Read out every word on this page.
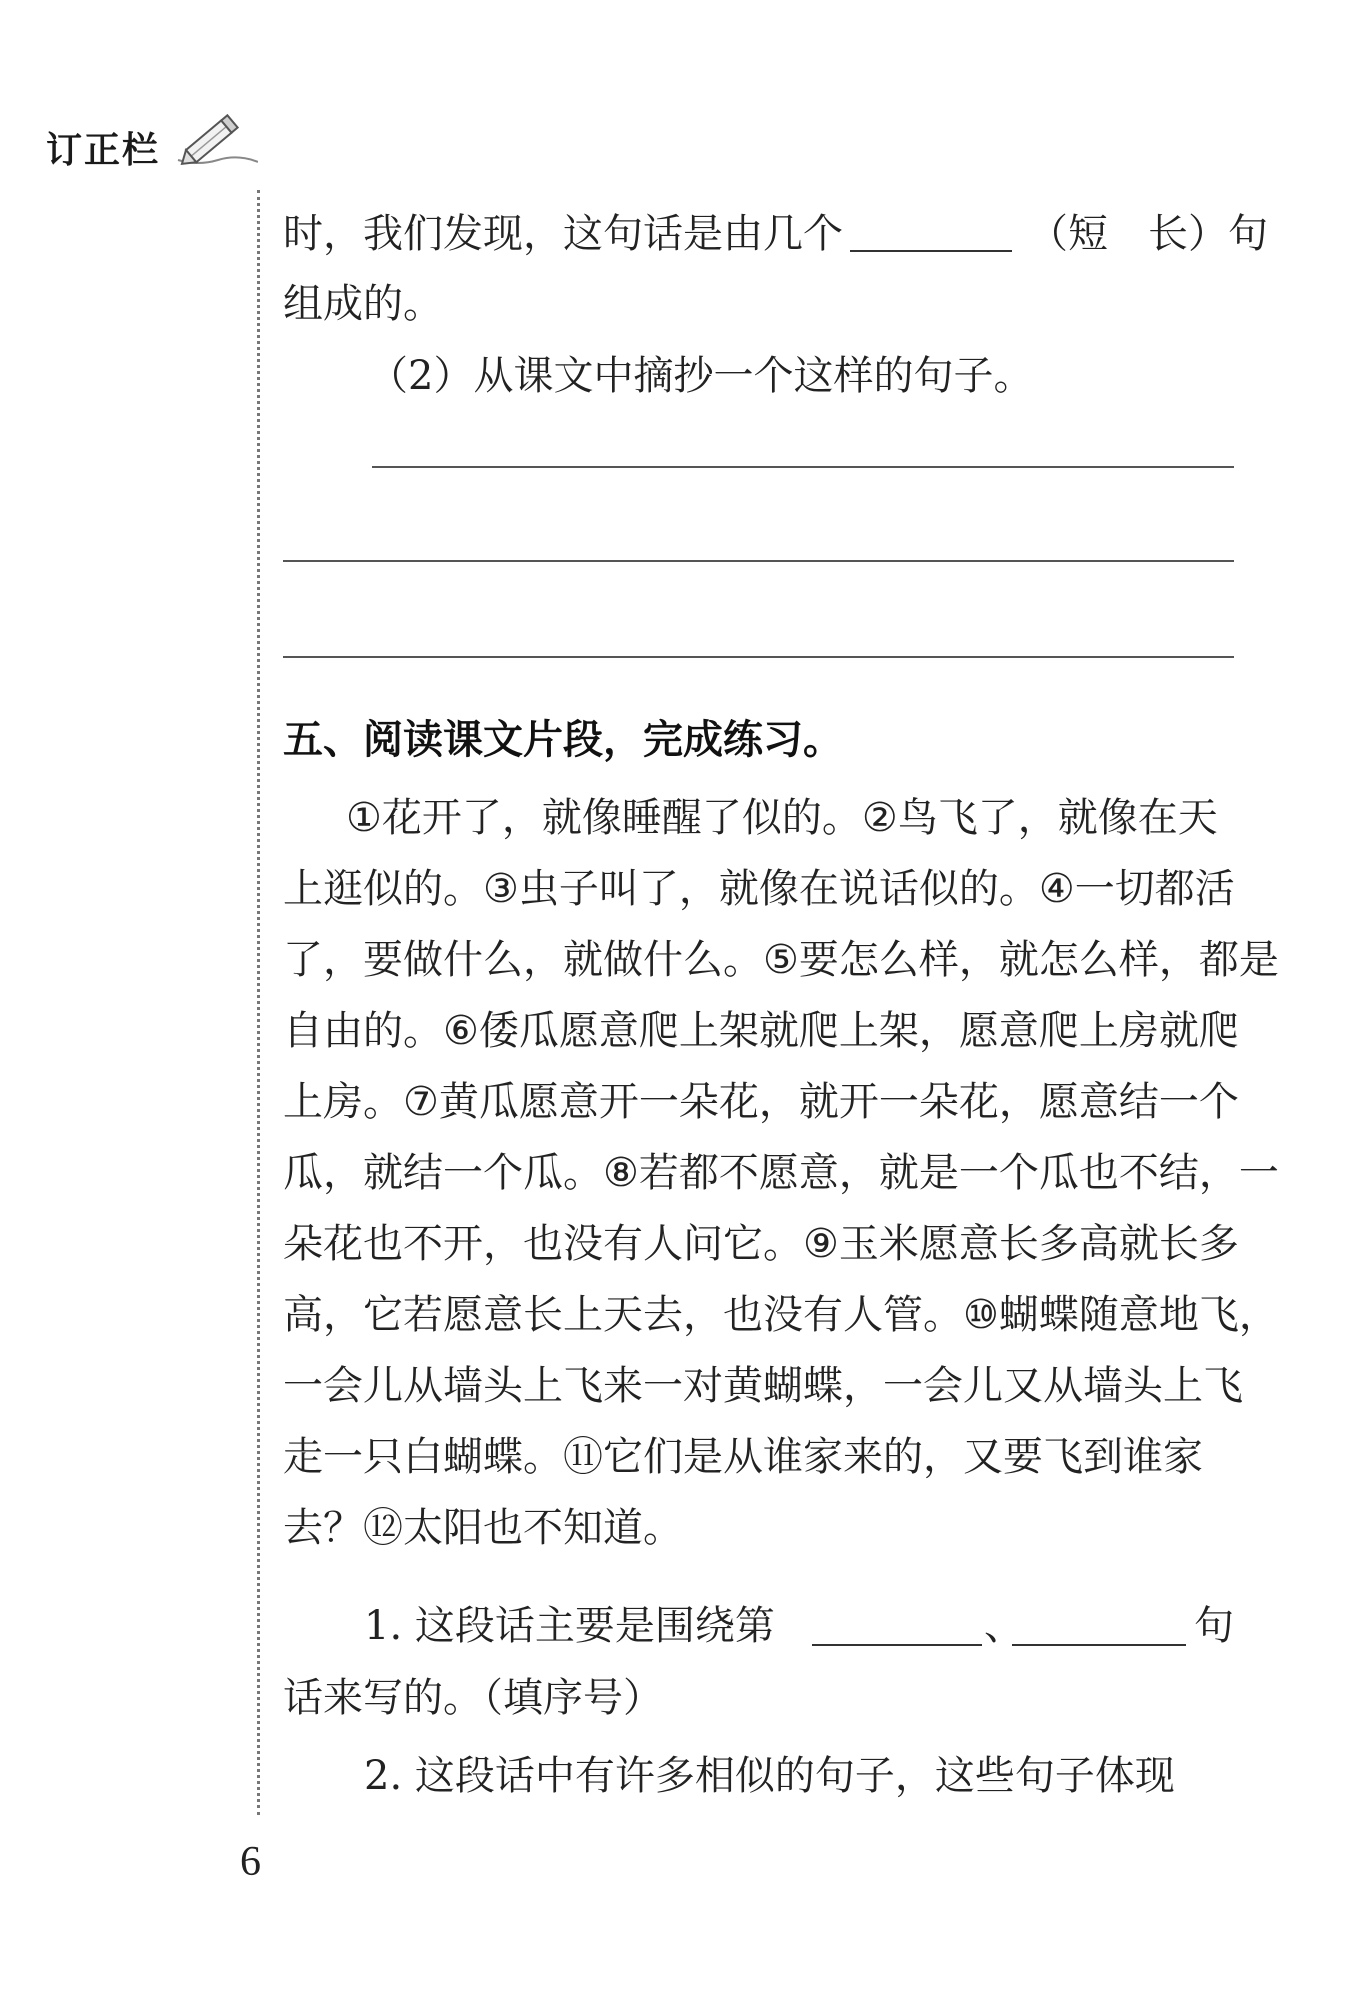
订正栏
时，我们发现，这句话是由几个	（短　长）句
组成的。
（2）从课文中摘抄一个这样的句子。
五、阅读课文片段，完成练习。
①花开了，就像睡醒了似的。②鸟飞了，就像在天
上逛似的。③虫子叫了，就像在说话似的。④一切都活
了，要做什么，就做什么。⑤要怎么样，就怎么样，都是
自由的。⑥倭瓜愿意爬上架就爬上架，愿意爬上房就爬
上房。⑦黄瓜愿意开一朵花，就开一朵花，愿意结一个
瓜，就结一个瓜。⑧若都不愿意，就是一个瓜也不结，一
朵花也不开，也没有人问它。⑨玉米愿意长多高就长多
高，它若愿意长上天去，也没有人管。⑩蝴蝶随意地飞，
一会儿从墙头上飞来一对黄蝴蝶，一会儿又从墙头上飞
走一只白蝴蝶。⑪它们是从谁家来的，又要飞到谁家
去？⑫太阳也不知道。
1. 这段话主要是围绕第	、	句
话来写的。（填序号）
2. 这段话中有许多相似的句子，这些句子体现
6
